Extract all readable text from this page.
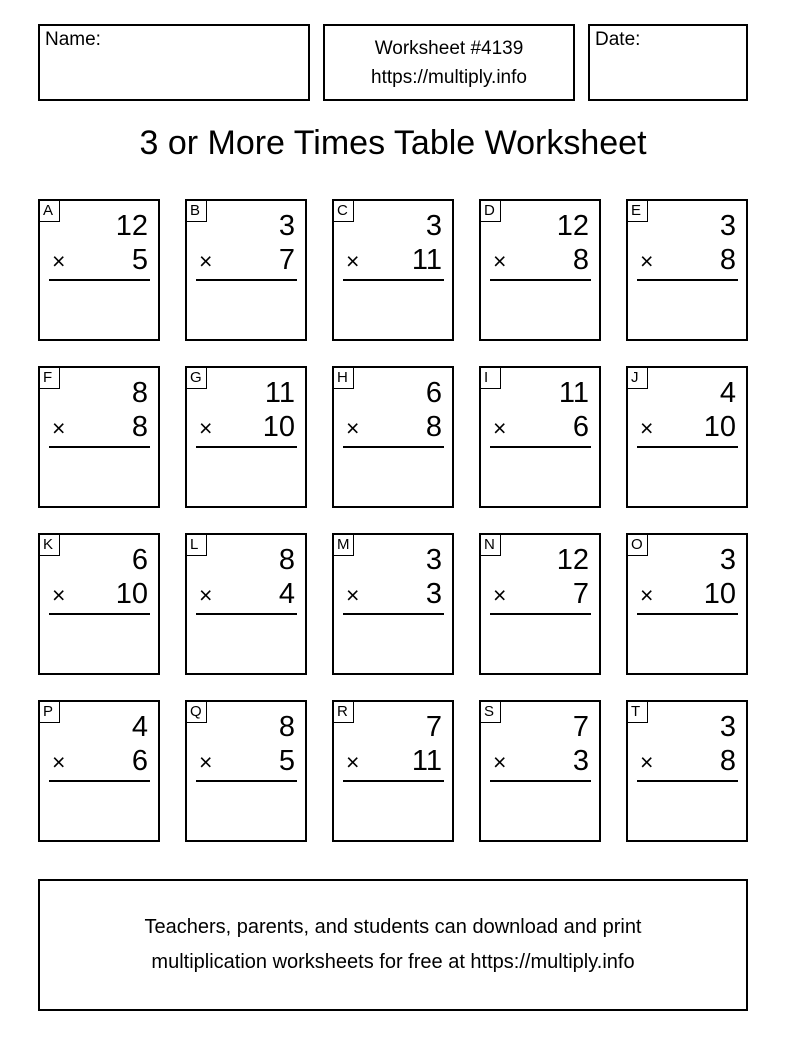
Name:	Worksheet #4139
https://multiply.info
Date:
3 or More Times Table Worksheet
A 12
× 5
B	3
× 7
C	3
× 11
D 12
× 8
E	3
× 8
F	8
× 8
G 11
× 10
H	6
× 8
I	11
× 6
J	4
× 10
K	6
× 10
L	8
× 4
M	3
× 3
N 12
× 7
O	3
× 10
P	4
× 6
Q	8
× 5
R	7
× 11
S	7
× 3
T	3
× 8
Teachers, parents, and students can download and print
multiplication worksheets for free at https://multiply.info
